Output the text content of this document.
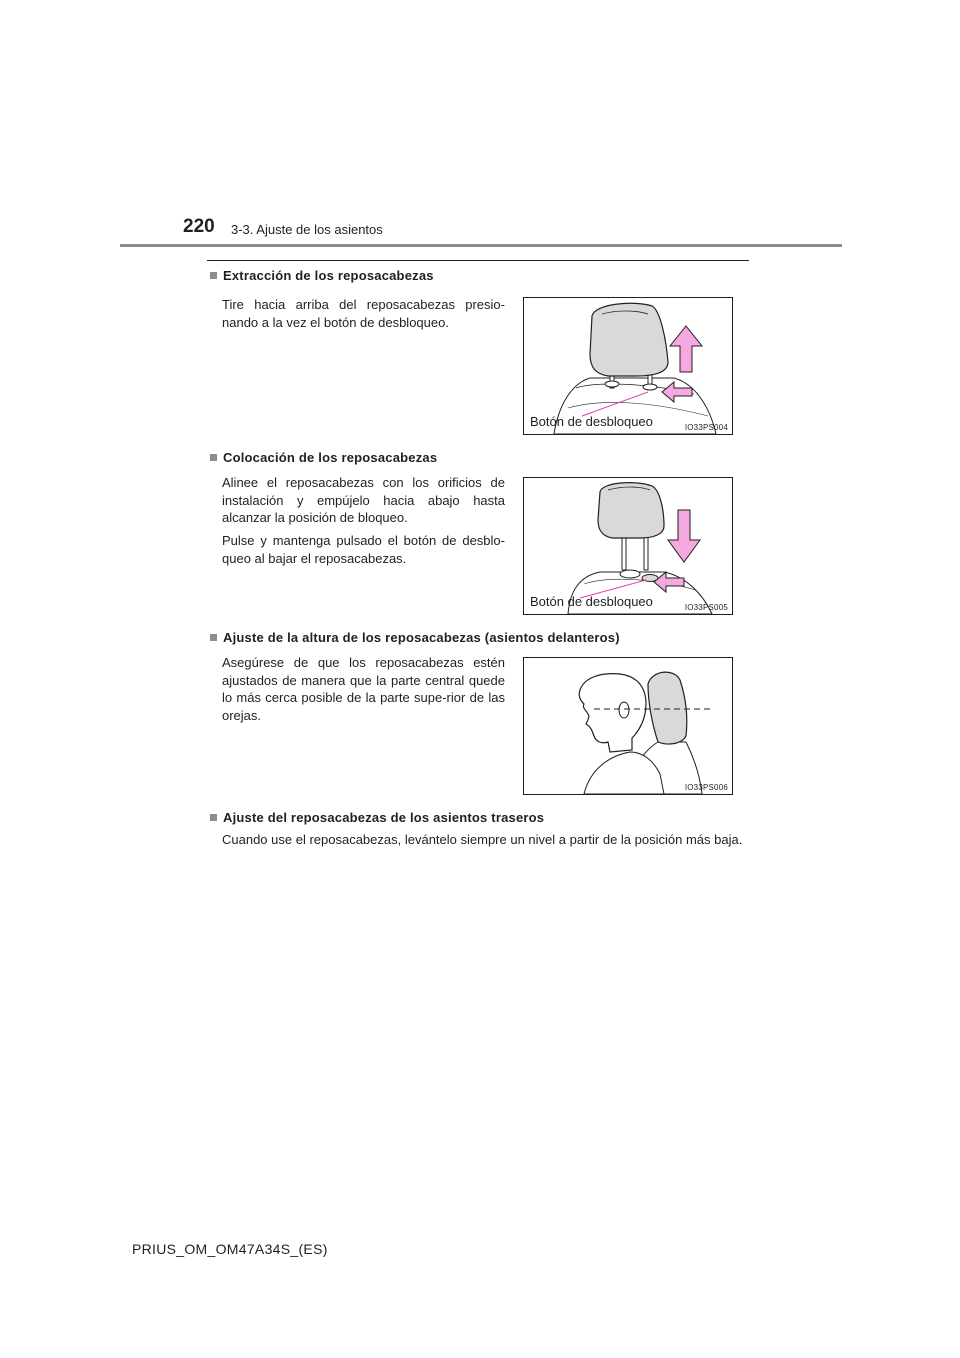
220 3-3. Ajuste de los asientos
Extracción de los reposacabezas
Tire hacia arriba del reposacabezas presio-nando a la vez el botón de desbloqueo.
Botón de desbloqueo	IO33PS004
Colocación de los reposacabezas
Alinee el reposacabezas con los orificios de instalación y empújelo hacia abajo hasta alcanzar la posición de bloqueo.
Pulse y mantenga pulsado el botón de desblo-queo al bajar el reposacabezas.
Botón de desbloqueo	IO33PS005
Ajuste de la altura de los reposacabezas (asientos delanteros)
Asegúrese de que los reposacabezas estén ajustados de manera que la parte central quede lo más cerca posible de la parte supe-rior de las orejas.
IO33PS006
Ajuste del reposacabezas de los asientos traseros
Cuando use el reposacabezas, levántelo siempre un nivel a partir de la posición más baja.
PRIUS_OM_OM47A34S_(ES)
